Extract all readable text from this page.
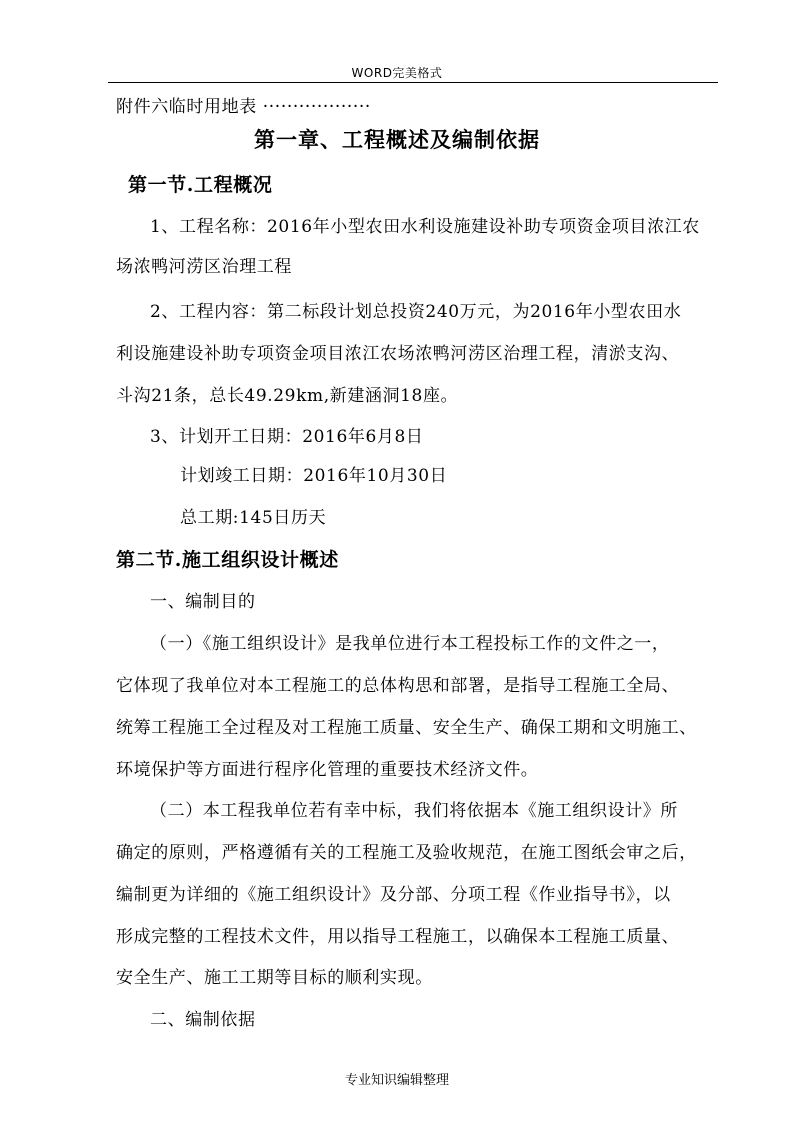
WORD完美格式
附件六临时用地表 ··················
第一章、工程概述及编制依据
第一节.工程概况
1、工程名称：2016年小型农田水利设施建设补助专项资金项目浓江农
场浓鸭河涝区治理工程
2、工程内容：第二标段计划总投资240万元，为2016年小型农田水
利设施建设补助专项资金项目浓江农场浓鸭河涝区治理工程，清淤支沟、
斗沟21条，总长49.29km,新建涵洞18座。
3、计划开工日期：2016年6月8日
计划竣工日期：2016年10月30日
总工期:145日历天
第二节.施工组织设计概述
一、编制目的
（一）《施工组织设计》是我单位进行本工程投标工作的文件之一，
它体现了我单位对本工程施工的总体构思和部署，是指导工程施工全局、
统筹工程施工全过程及对工程施工质量、安全生产、确保工期和文明施工、
环境保护等方面进行程序化管理的重要技术经济文件。
（二）本工程我单位若有幸中标，我们将依据本《施工组织设计》所
确定的原则，严格遵循有关的工程施工及验收规范，在施工图纸会审之后，
编制更为详细的《施工组织设计》及分部、分项工程《作业指导书》，以
形成完整的工程技术文件，用以指导工程施工，以确保本工程施工质量、
安全生产、施工工期等目标的顺利实现。
二、编制依据
专业知识编辑整理
